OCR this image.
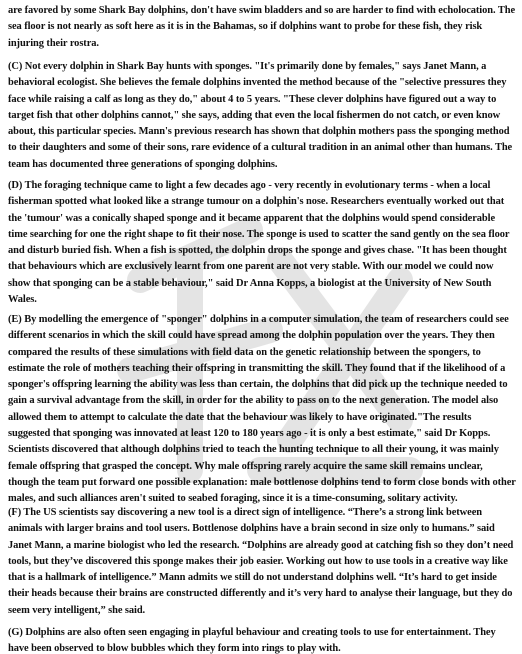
are favored by some Shark Bay dolphins, don't have swim bladders and so are harder to find with echolocation. The sea floor is not nearly as soft here as it is in the Bahamas, so if dolphins want to probe for these fish, they risk injuring their rostra.

(C) Not every dolphin in Shark Bay hunts with sponges. "It's primarily done by females," says Janet Mann, a behavioral ecologist. She believes the female dolphins invented the method because of the "selective pressures they face while raising a calf as long as they do," about 4 to 5 years. "These clever dolphins have figured out a way to target fish that other dolphins cannot," she says, adding that even the local fishermen do not catch, or even know about, this particular species. Mann's previous research has shown that dolphin mothers pass the sponging method to their daughters and some of their sons, rare evidence of a cultural tradition in an animal other than humans. The team has documented three generations of sponging dolphins.

(D) The foraging technique came to light a few decades ago - very recently in evolutionary terms - when a local fisherman spotted what looked like a strange tumour on a dolphin's nose. Researchers eventually worked out that the 'tumour' was a conically shaped sponge and it became apparent that the dolphins would spend considerable time searching for one the right shape to fit their nose. The sponge is used to scatter the sand gently on the sea floor and disturb buried fish. When a fish is spotted, the dolphin drops the sponge and gives chase. "It has been thought that behaviours which are exclusively learnt from one parent are not very stable. With our model we could now show that sponging can be a stable behaviour," said Dr Anna Kopps, a biologist at the University of New South Wales.

(E) By modelling the emergence of "sponger" dolphins in a computer simulation, the team of researchers could see different scenarios in which the skill could have spread among the dolphin population over the years. They then compared the results of these simulations with field data on the genetic relationship between the spongers, to estimate the role of mothers teaching their offspring in transmitting the skill. They found that if the likelihood of a sponger's offspring learning the ability was less than certain, the dolphins that did pick up the technique needed to gain a survival advantage from the skill, in order for the ability to pass on to the next generation. The model also allowed them to attempt to calculate the date that the behaviour was likely to have originated."The results suggested that sponging was innovated at least 120 to 180 years ago - it is only a best estimate," said Dr Kopps. Scientists discovered that although dolphins tried to teach the hunting technique to all their young, it was mainly female offspring that grasped the concept. Why male offspring rarely acquire the same skill remains unclear, though the team put forward one possible explanation: male bottlenose dolphins tend to form close bonds with other males, and such alliances aren't suited to seabed foraging, since it is a time-consuming, solitary activity.

(F) The US scientists say discovering a new tool is a direct sign of intelligence. “There’s a strong link between animals with larger brains and tool users. Bottlenose dolphins have a brain second in size only to humans.” said Janet Mann, a marine biologist who led the research. “Dolphins are already good at catching fish so they don’t need tools, but they’ve discovered this sponge makes their job easier. Working out how to use tools in a creative way like that is a hallmark of intelligence.” Mann admits we still do not understand dolphins well. “It’s hard to get inside their heads because their brains are constructed differently and it’s very hard to analyse their language, but they do seem very intelligent,” she said.

(G) Dolphins are also often seen engaging in playful behaviour and creating tools to use for entertainment. They have been observed to blow bubbles which they form into rings to play with.
